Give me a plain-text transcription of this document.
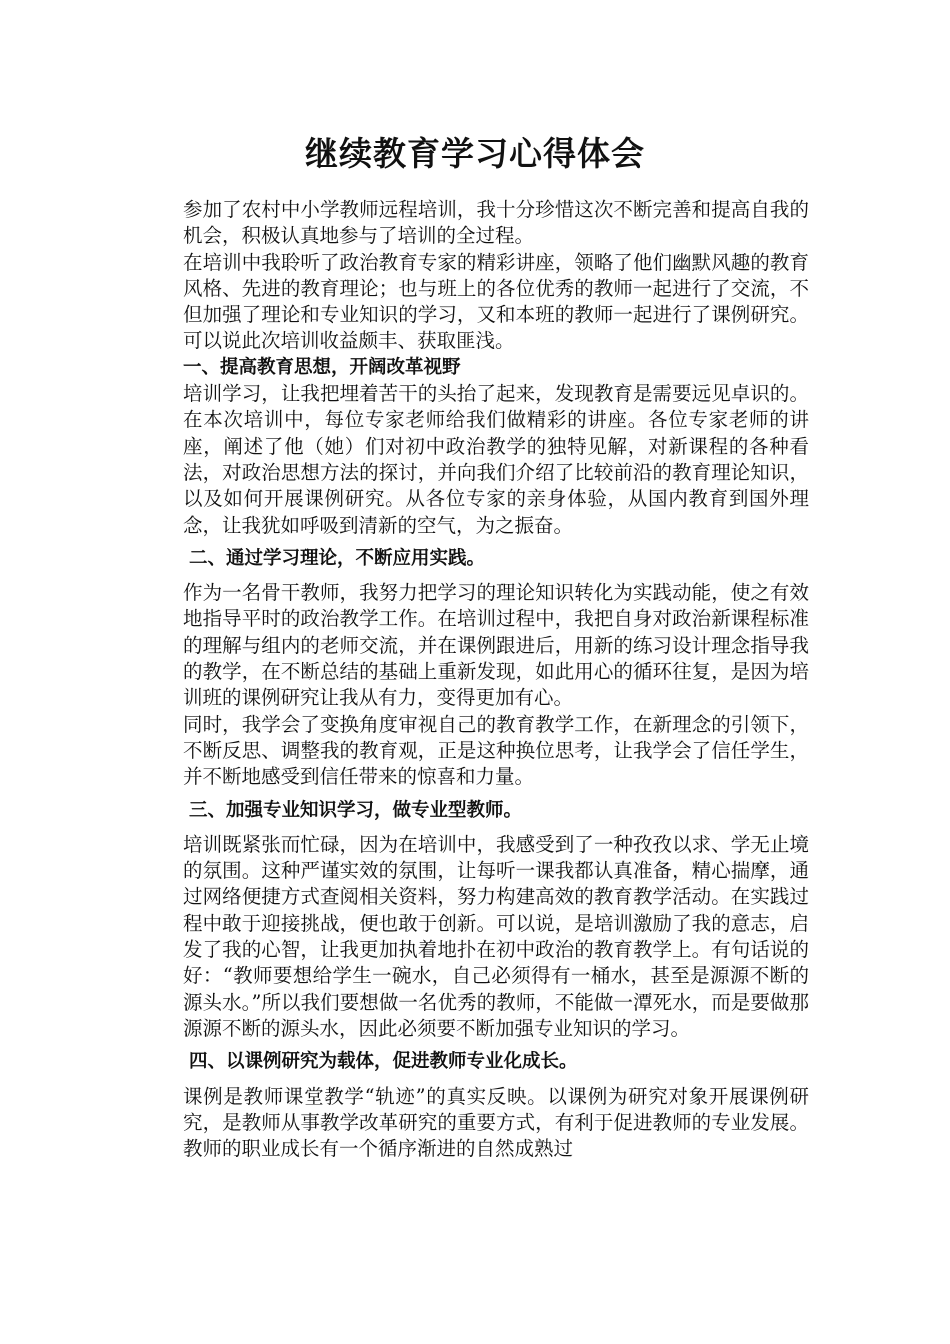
继续教育学习心得体会

参加了农村中小学教师远程培训，我十分珍惜这次不断完善和提高自我的机会，积极认真地参与了培训的全过程。

在培训中我聆听了政治教育专家的精彩讲座，领略了他们幽默风趣的教育风格、先进的教育理论；也与班上的各位优秀的教师一起进行了交流，不但加强了理论和专业知识的学习，又和本班的教师一起进行了课例研究。可以说此次培训收益颇丰、获取匪浅。

一、提高教育思想，开阔改革视野

培训学习，让我把埋着苦干的头抬了起来，发现教育是需要远见卓识的。在本次培训中，每位专家老师给我们做精彩的讲座。各位专家老师的讲座，阐述了他（她）们对初中政治教学的独特见解，对新课程的各种看法，对政治思想方法的探讨，并向我们介绍了比较前沿的教育理论知识，以及如何开展课例研究。从各位专家的亲身体验，从国内教育到国外理念，让我犹如呼吸到清新的空气，为之振奋。

二、通过学习理论，不断应用实践。

作为一名骨干教师，我努力把学习的理论知识转化为实践动能，使之有效地指导平时的政治教学工作。在培训过程中，我把自身对政治新课程标准的理解与组内的老师交流，并在课例跟进后，用新的练习设计理念指导我的教学，在不断总结的基础上重新发现，如此用心的循环往复，是因为培训班的课例研究让我从有力，变得更加有心。

同时，我学会了变换角度审视自己的教育教学工作，在新理念的引领下，不断反思、调整我的教育观，正是这种换位思考，让我学会了信任学生，并不断地感受到信任带来的惊喜和力量。

三、加强专业知识学习，做专业型教师。

培训既紧张而忙碌，因为在培训中，我感受到了一种孜孜以求、学无止境的氛围。这种严谨实效的氛围，让每听一课我都认真准备，精心揣摩，通过网络便捷方式查阅相关资料，努力构建高效的教育教学活动。在实践过程中敢于迎接挑战，便也敢于创新。可以说，是培训激励了我的意志，启发了我的心智，让我更加执着地扑在初中政治的教育教学上。有句话说的好：“教师要想给学生一碗水，自己必须得有一桶水，甚至是源源不断的源头水。”所以我们要想做一名优秀的教师，不能做一潭死水，而是要做那源源不断的源头水，因此必须要不断加强专业知识的学习。

四、以课例研究为载体，促进教师专业化成长。

课例是教师课堂教学“轨迹”的真实反映。以课例为研究对象开展课例研究，是教师从事教学改革研究的重要方式，有利于促进教师的专业发展。教师的职业成长有一个循序渐进的自然成熟过
